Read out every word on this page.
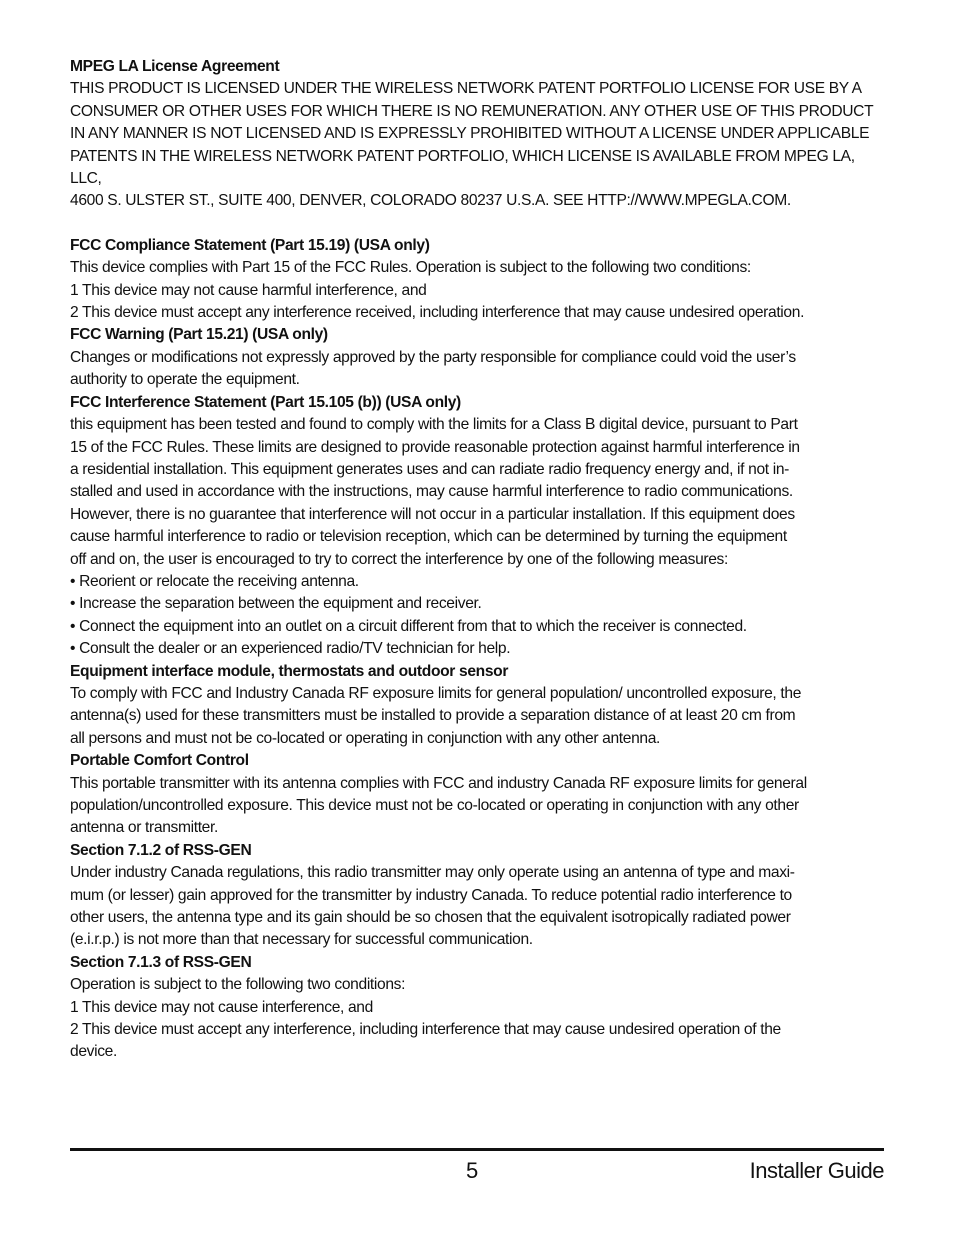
MPEG LA License Agreement

THIS PRODUCT IS LICENSED UNDER THE WIRELESS NETWORK PATENT PORTFOLIO LICENSE FOR USE BY A

CONSUMER OR OTHER USES FOR WHICH THERE IS NO REMUNERATION. ANY OTHER USE OF THIS PRODUCT

IN ANY MANNER IS NOT LICENSED AND IS EXPRESSLY PROHIBITED WITHOUT A LICENSE UNDER APPLICABLE

PATENTS IN THE WIRELESS NETWORK PATENT PORTFOLIO, WHICH LICENSE IS AVAILABLE FROM MPEG LA, LLC,

4600 S. ULSTER ST., SUITE 400, DENVER, COLORADO 80237 U.S.A. SEE HTTP://WWW.MPEGLA.COM.

FCC Compliance Statement (Part 15.19) (USA only)

This device complies with Part 15 of the FCC Rules. Operation is subject to the following two conditions:

1 This device may not cause harmful interference, and

2 This device must accept any interference received, including interference that may cause undesired operation.

FCC Warning (Part 15.21) (USA only)

Changes or modifications not expressly approved by the party responsible for compliance could void the user’s

authority to operate the equipment.

FCC Interference Statement (Part 15.105 (b)) (USA only)

this equipment has been tested and found to comply with the limits for a Class B digital device, pursuant to Part

15 of the FCC Rules. These limits are designed to provide reasonable protection against harmful interference in

a residential installation. This equipment generates uses and can radiate radio frequency energy and, if not in-

stalled and used in accordance with the instructions, may cause harmful interference to radio communications.

However, there is no guarantee that interference will not occur in a particular installation. If this equipment does

cause harmful interference to radio or television reception, which can be determined by turning the equipment

off and on, the user is encouraged to try to correct the interference by one of the following measures:

• Reorient or relocate the receiving antenna.

• Increase the separation between the equipment and receiver.

• Connect the equipment into an outlet on a circuit different from that to which the receiver is connected.

• Consult the dealer or an experienced radio/TV technician for help.

Equipment interface module, thermostats and outdoor sensor

To comply with FCC and Industry Canada RF exposure limits for general population/ uncontrolled exposure, the

antenna(s) used for these transmitters must be installed to provide a separation distance of at least 20 cm from

all persons and must not be co-located or operating in conjunction with any other antenna.

Portable Comfort Control

This portable transmitter with its antenna complies with FCC and industry Canada RF exposure limits for general

population/uncontrolled exposure. This device must not be co-located or operating in conjunction with any other

antenna or transmitter.

Section 7.1.2 of RSS-GEN

Under industry Canada regulations, this radio transmitter may only operate using an antenna of type and maxi-

mum (or lesser) gain approved for the transmitter by industry Canada. To reduce potential radio interference to

other users, the antenna type and its gain should be so chosen that the equivalent isotropically radiated power

(e.i.r.p.) is not more than that necessary for successful communication.

Section 7.1.3 of RSS-GEN

Operation is subject to the following two conditions:

1 This device may not cause interference, and

2 This device must accept any interference, including interference that may cause undesired operation of the

device.

5	Installer Guide
